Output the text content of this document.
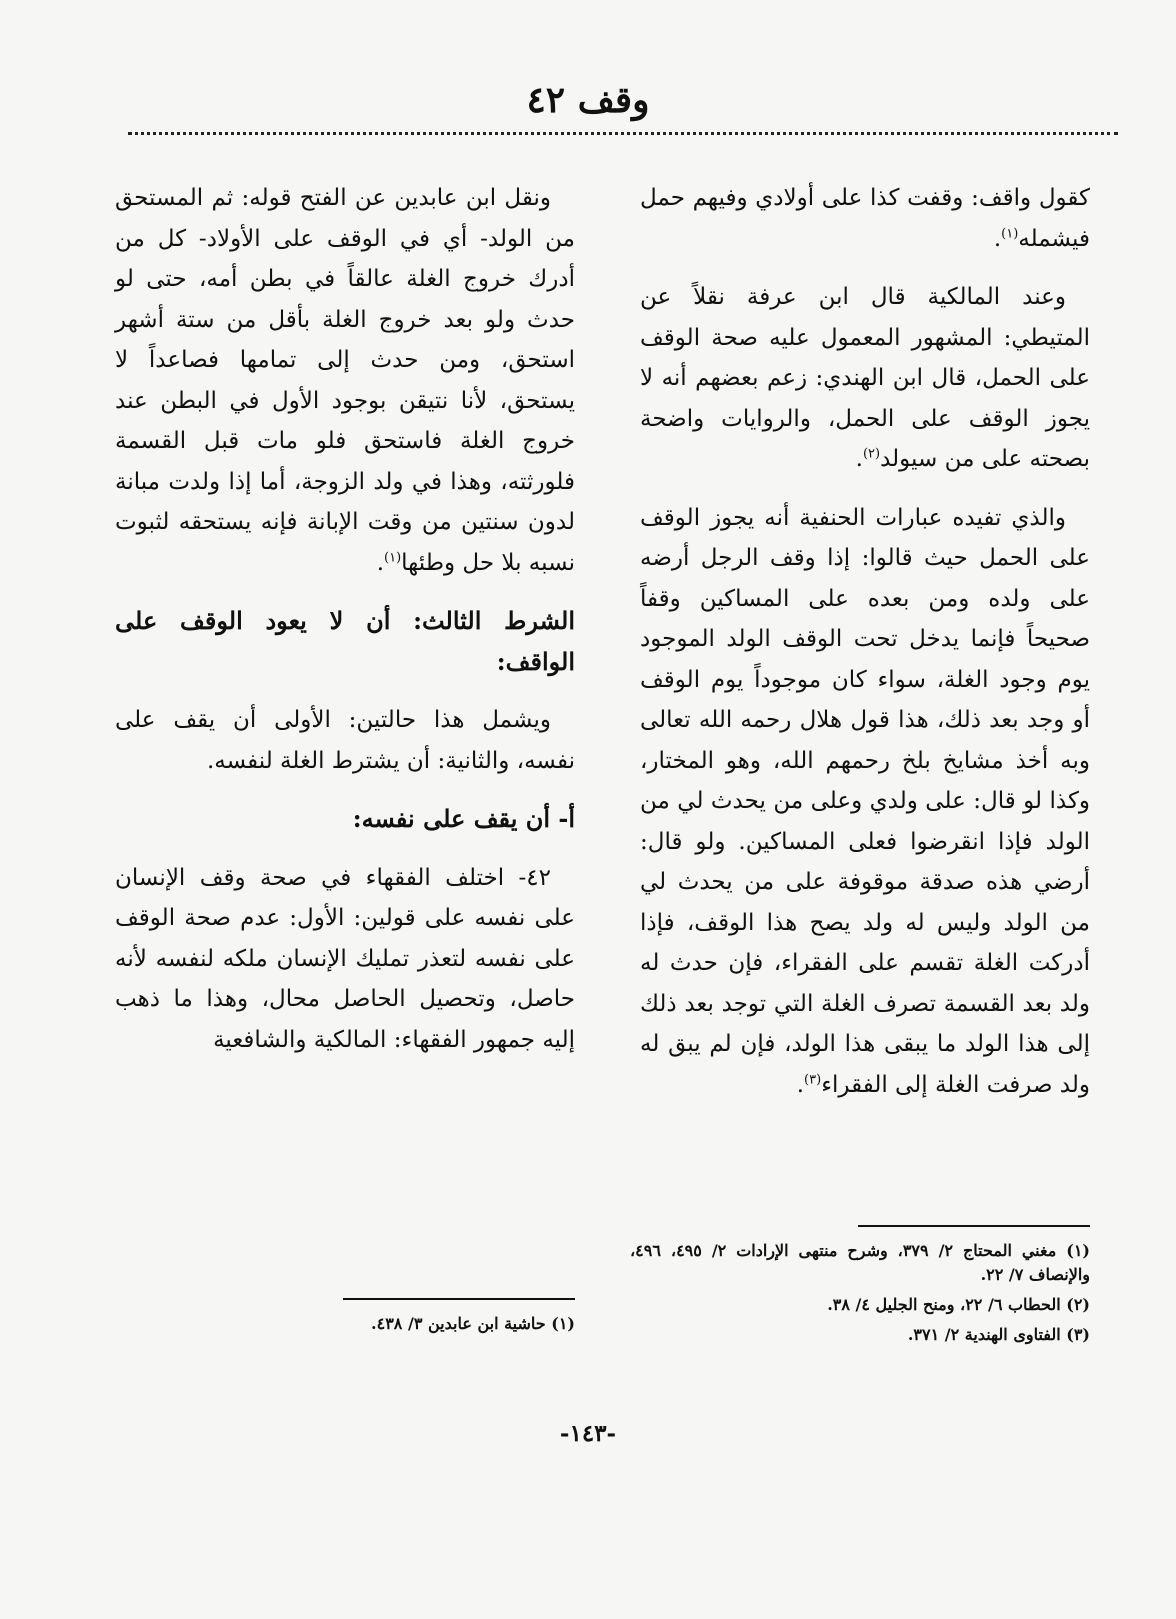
وقف ٤٢

كقول واقف: وقفت كذا على أولادي وفيهم حمل فيشمله$^{(١)}$.

وعند المالكية قال ابن عرفة نقلاً عن المتيطي: المشهور المعمول عليه صحة الوقف على الحمل، قال ابن الهندي: زعم بعضهم أنه لا يجوز الوقف على الحمل، والروايات واضحة بصحته على من سيولد$^{(٢)}$.

والذي تفيده عبارات الحنفية أنه يجوز الوقف على الحمل حيث قالوا: إذا وقف الرجل أرضه على ولده ومن بعده على المساكين وقفاً صحيحاً فإنما يدخل تحت الوقف الولد الموجود يوم وجود الغلة، سواء كان موجوداً يوم الوقف أو وجد بعد ذلك، هذا قول هلال رحمه الله تعالى وبه أخذ مشايخ بلخ رحمهم الله، وهو المختار، وكذا لو قال: على ولدي وعلى من يحدث لي من الولد فإذا انقرضوا فعلى المساكين. ولو قال: أرضي هذه صدقة موقوفة على من يحدث لي من الولد وليس له ولد يصح هذا الوقف، فإذا أدركت الغلة تقسم على الفقراء، فإن حدث له ولد بعد القسمة تصرف الغلة التي توجد بعد ذلك إلى هذا الولد ما يبقى هذا الولد، فإن لم يبق له ولد صرفت الغلة إلى الفقراء$^{(٣)}$.

ونقل ابن عابدين عن الفتح قوله: ثم المستحق من الولد- أي في الوقف على الأولاد- كل من أدرك خروج الغلة عالقاً في بطن أمه، حتى لو حدث ولو بعد خروج الغلة بأقل من ستة أشهر استحق، ومن حدث إلى تمامها فصاعداً لا يستحق، لأنا نتيقن بوجود الأول في البطن عند خروج الغلة فاستحق فلو مات قبل القسمة فلورثته، وهذا في ولد الزوجة، أما إذا ولدت مبانة لدون سنتين من وقت الإبانة فإنه يستحقه لثبوت نسبه بلا حل وطئها$^{(١)}$.

الشرط الثالث: أن لا يعود الوقف على الواقف:

ويشمل هذا حالتين: الأولى أن يقف على نفسه، والثانية: أن يشترط الغلة لنفسه.

أ- أن يقف على نفسه:

٤٢- اختلف الفقهاء في صحة وقف الإنسان على نفسه على قولين: الأول: عدم صحة الوقف على نفسه لتعذر تمليك الإنسان ملكه لنفسه لأنه حاصل، وتحصيل الحاصل محال، وهذا ما ذهب إليه جمهور الفقهاء: المالكية والشافعية

(١) مغني المحتاج ٢/ ٣٧٩، وشرح منتهى الإرادات ٢/ ٤٩٥، ٤٩٦، والإنصاف ٧/ ٢٢.

(٢) الحطاب ٦/ ٢٢، ومنح الجليل ٤/ ٣٨.

(٣) الفتاوى الهندية ٢/ ٣٧١.

(١) حاشية ابن عابدين ٣/ ٤٣٨.

-١٤٣-
